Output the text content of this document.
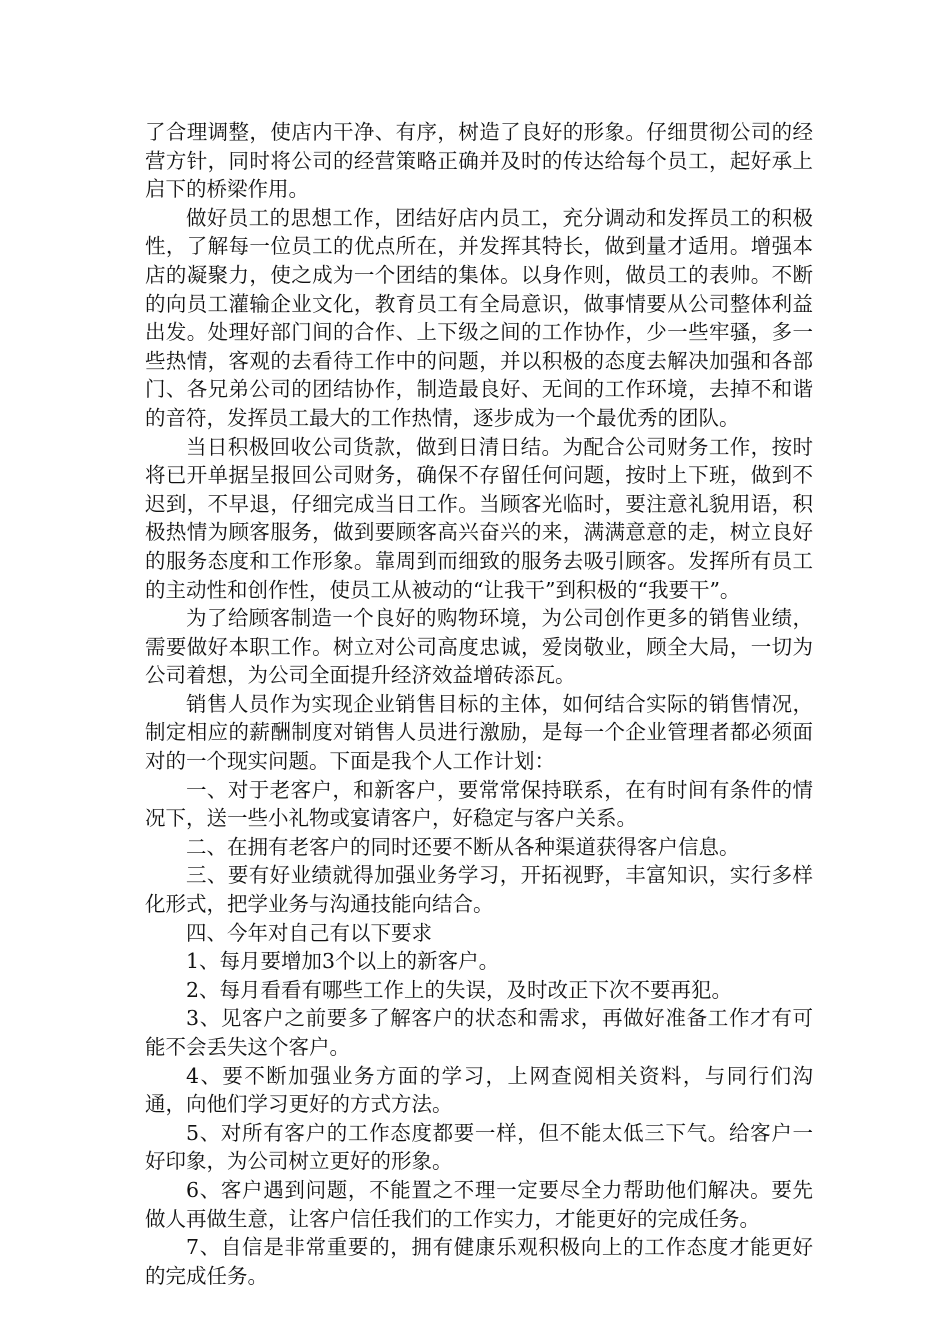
了合理调整，使店内干净、有序，树造了良好的形象。仔细贯彻公司的经营方针，同时将公司的经营策略正确并及时的传达给每个员工，起好承上启下的桥梁作用。

做好员工的思想工作，团结好店内员工，充分调动和发挥员工的积极性，了解每一位员工的优点所在，并发挥其特长，做到量才适用。增强本店的凝聚力，使之成为一个团结的集体。以身作则，做员工的表帅。不断的向员工灌输企业文化，教育员工有全局意识，做事情要从公司整体利益出发。处理好部门间的合作、上下级之间的工作协作，少一些牢骚，多一些热情，客观的去看待工作中的问题，并以积极的态度去解决加强和各部门、各兄弟公司的团结协作，制造最良好、无间的工作环境，去掉不和谐的音符，发挥员工最大的工作热情，逐步成为一个最优秀的团队。

当日积极回收公司货款，做到日清日结。为配合公司财务工作，按时将已开单据呈报回公司财务，确保不存留任何问题，按时上下班，做到不迟到，不早退，仔细完成当日工作。当顾客光临时，要注意礼貌用语，积极热情为顾客服务，做到要顾客高兴奋兴的来，满满意意的走，树立良好的服务态度和工作形象。靠周到而细致的服务去吸引顾客。发挥所有员工的主动性和创作性，使员工从被动的“让我干”到积极的“我要干”。

为了给顾客制造一个良好的购物环境，为公司创作更多的销售业绩，需要做好本职工作。树立对公司高度忠诚，爱岗敬业，顾全大局，一切为公司着想，为公司全面提升经济效益增砖添瓦。

销售人员作为实现企业销售目标的主体，如何结合实际的销售情况，制定相应的薪酬制度对销售人员进行激励，是每一个企业管理者都必须面对的一个现实问题。下面是我个人工作计划：

一、对于老客户，和新客户，要常常保持联系，在有时间有条件的情况下，送一些小礼物或宴请客户，好稳定与客户关系。

二、在拥有老客户的同时还要不断从各种渠道获得客户信息。

三、要有好业绩就得加强业务学习，开拓视野，丰富知识，实行多样化形式，把学业务与沟通技能向结合。

四、今年对自己有以下要求

1、每月要增加3个以上的新客户。

2、每月看看有哪些工作上的失误，及时改正下次不要再犯。

3、见客户之前要多了解客户的状态和需求，再做好准备工作才有可能不会丢失这个客户。

4、要不断加强业务方面的学习，上网查阅相关资料，与同行们沟通，向他们学习更好的方式方法。

5、对所有客户的工作态度都要一样，但不能太低三下气。给客户一好印象，为公司树立更好的形象。

6、客户遇到问题，不能置之不理一定要尽全力帮助他们解决。要先做人再做生意，让客户信任我们的工作实力，才能更好的完成任务。

7、自信是非常重要的，拥有健康乐观积极向上的工作态度才能更好的完成任务。
